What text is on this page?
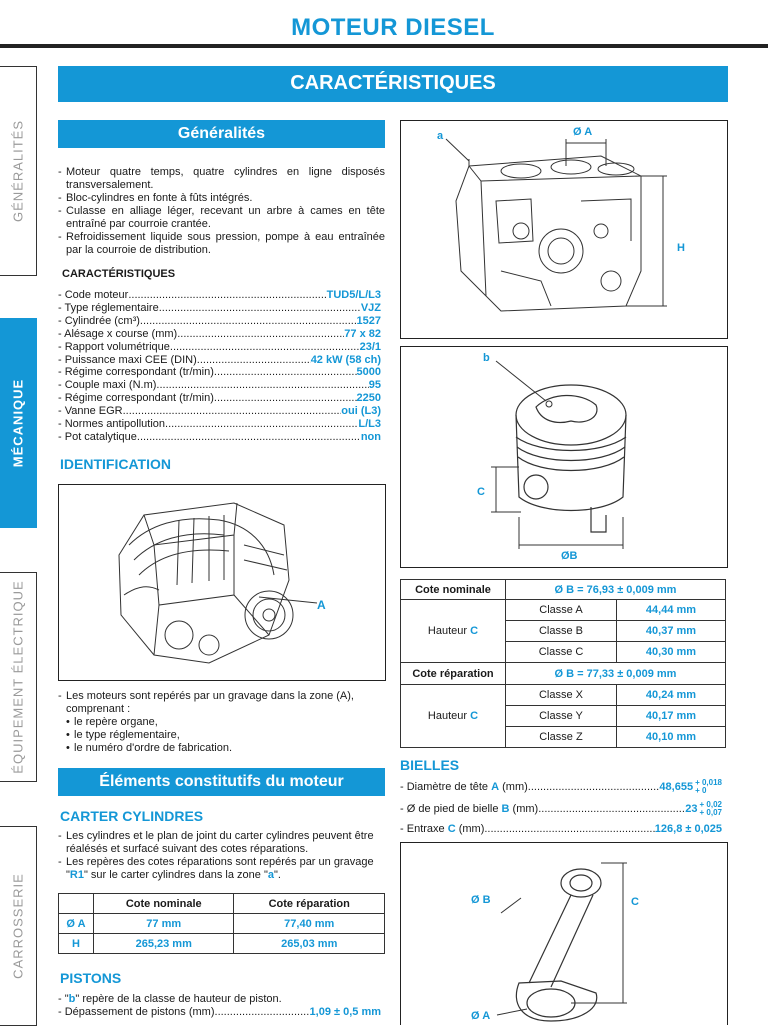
MOTEUR DIESEL
GÉNÉRALITÉS
MÉCANIQUE
ÉQUIPEMENT ÉLECTRIQUE
CARROSSERIE
CARACTÉRISTIQUES
Généralités
- Moteur quatre temps, quatre cylindres en ligne disposés transversalement.
- Bloc-cylindres en fonte à fûts intégrés.
- Culasse en alliage léger, recevant un arbre à cames en tête entraîné par courroie crantée.
- Refroidissement liquide sous pression, pompe à eau entraînée par la courroie de distribution.
CARACTÉRISTIQUES
- Code moteur .....	TUD5/L/L3
- Type réglementaire .....	VJZ
- Cylindrée (cm³) .....	1527
- Alésage x course (mm) .....	77 x 82
- Rapport volumétrique .....	23/1
- Puissance maxi CEE (DIN) .....	42 kW (58 ch)
- Régime correspondant (tr/min) .....	5000
- Couple maxi (N.m) .....	95
- Régime correspondant (tr/min) .....	2250
- Vanne EGR .....	oui (L3)
- Normes antipollution .....	L/L3
- Pot catalytique .....	non
IDENTIFICATION
A
- Les moteurs sont repérés par un gravage dans la zone (A), comprenant :
• le repère organe,
• le type réglementaire,
• le numéro d'ordre de fabrication.
Éléments constitutifs du moteur
CARTER CYLINDRES
- Les cylindres et le plan de joint du carter cylindres peuvent être réalésés et surfacé suivant des cotes réparations.
- Les repères des cotes réparations sont repérés par un gravage "R1" sur le carter cylindres dans la zone "a".
	Cote nominale	Cote réparation
Ø A	77 mm	77,40 mm
H	265,23 mm	265,03 mm
PISTONS
- "b" repère de la classe de hauteur de piston.
- Dépassement de pistons (mm) .....	1,09 ± 0,5 mm
a	Ø A
H
b
C
ØB
Cote nominale	Ø B = 76,93 ± 0,009 mm	
Hauteur C	Classe A	44,44 mm
	Classe B	40,37 mm
	Classe C	40,30 mm
Cote réparation	Ø B = 77,33 ± 0,009 mm	
Hauteur C	Classe X	40,24 mm
	Classe Y	40,17 mm
	Classe Z	40,10 mm
BIELLES
- Diamètre de tête A (mm) .....	48,655 + 0,018
+ 0
- Ø de pied de bielle B (mm) .....	23 + 0,02
+ 0,07
- Entraxe C (mm) .....	126,8 ± 0,025
Ø B	C
Ø A
